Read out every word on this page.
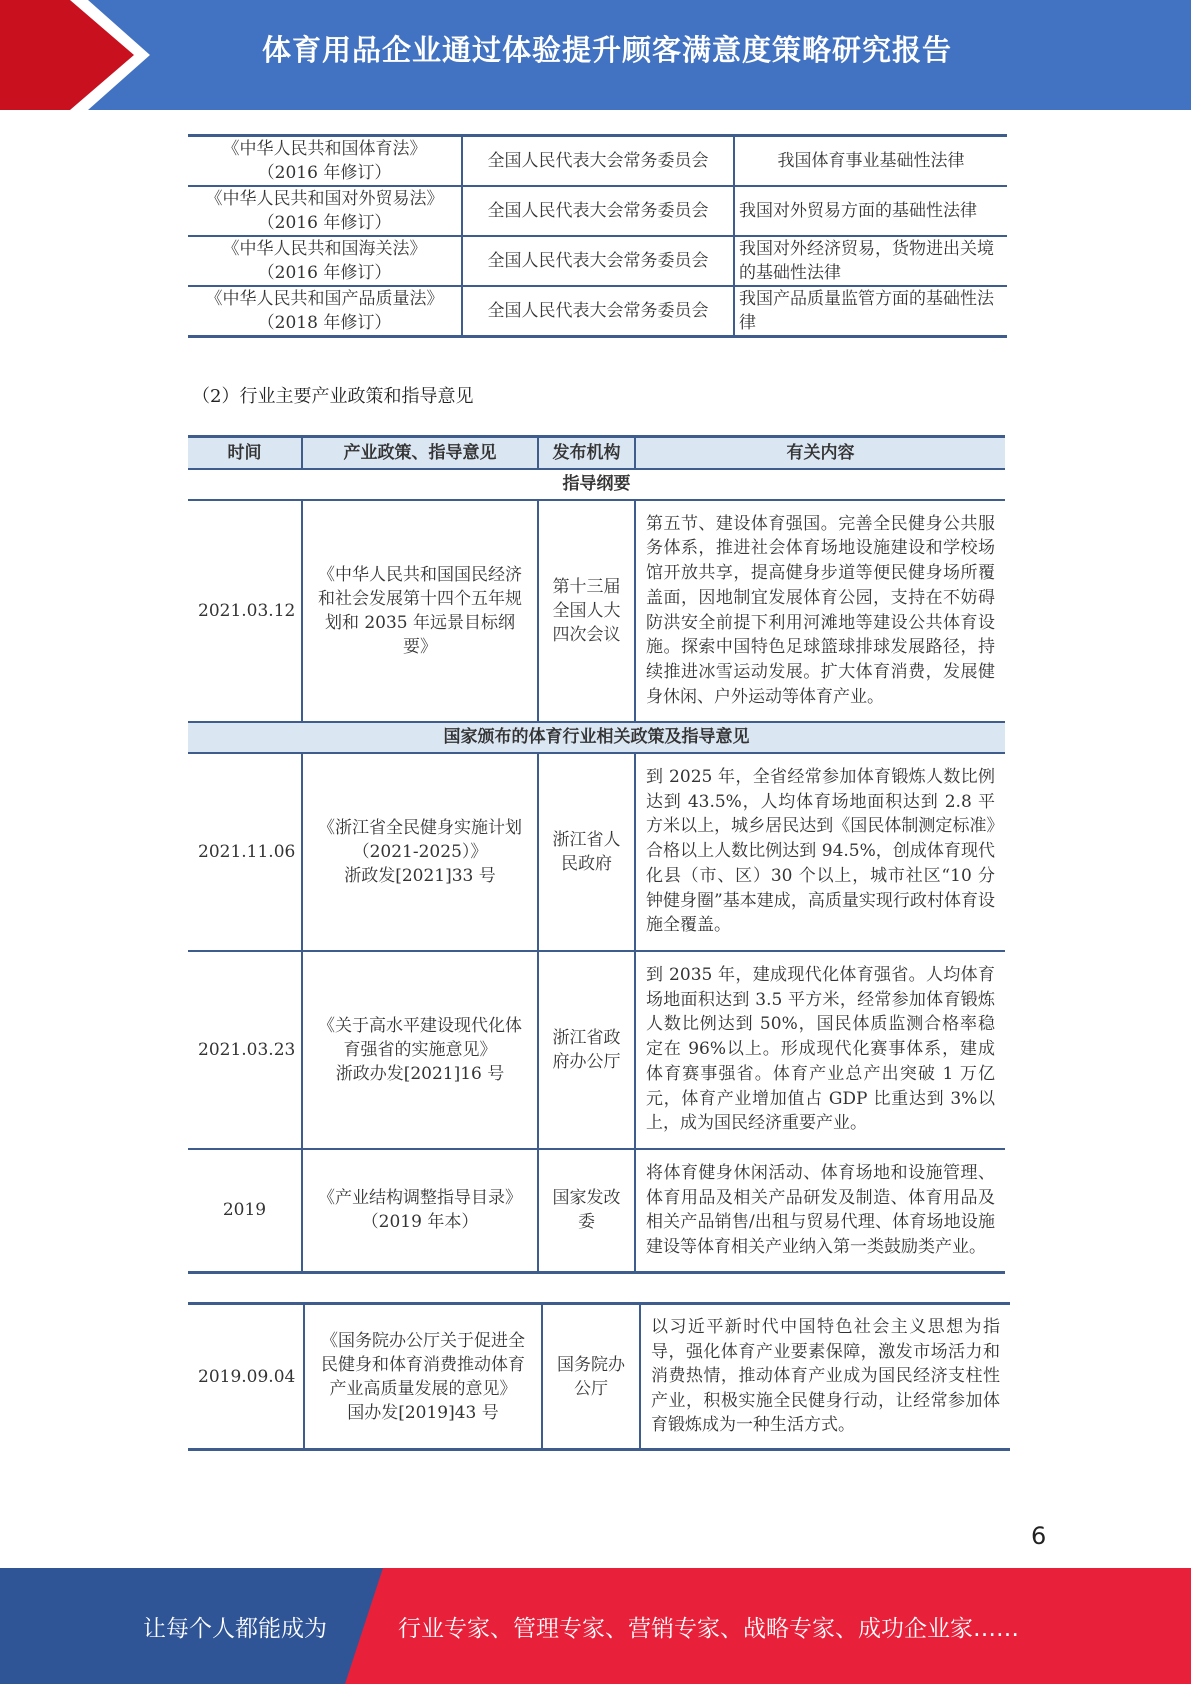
体育用品企业通过体验提升顾客满意度策略研究报告
《中华人民共和国体育法》
（2016 年修订）	全国人民代表大会常务委员会	我国体育事业基础性法律
《中华人民共和国对外贸易法》
（2016 年修订）	全国人民代表大会常务委员会	我国对外贸易方面的基础性法律
《中华人民共和国海关法》
（2016 年修订）	全国人民代表大会常务委员会	我国对外经济贸易，货物进出关境的基础性法律
《中华人民共和国产品质量法》
（2018 年修订）	全国人民代表大会常务委员会	我国产品质量监管方面的基础性法律
（2）行业主要产业政策和指导意见
时间	产业政策、指导意见	发布机构	有关内容
指导纲要			
2021.03.12	《中华人民共和国国民经济和社会发展第十四个五年规划和 2035 年远景目标纲要》	第十三届全国人大四次会议	第五节、建设体育强国。完善全民健身公共服务体系，推进社会体育场地设施建设和学校场馆开放共享，提高健身步道等便民健身场所覆盖面，因地制宜发展体育公园，支持在不妨碍防洪安全前提下利用河滩地等建设公共体育设施。探索中国特色足球篮球排球发展路径，持续推进冰雪运动发展。扩大体育消费，发展健身休闲、户外运动等体育产业。
国家颁布的体育行业相关政策及指导意见			
2021.11.06	《浙江省全民健身实施计划（2021-2025）》
浙政发[2021]33 号	浙江省人民政府	到 2025 年，全省经常参加体育锻炼人数比例达到 43.5%，人均体育场地面积达到 2.8 平方米以上，城乡居民达到《国民体制测定标准》合格以上人数比例达到 94.5%，创成体育现代化县（市、区）30 个以上，城市社区“10 分钟健身圈”基本建成，高质量实现行政村体育设施全覆盖。
2021.03.23	《关于高水平建设现代化体育强省的实施意见》
浙政办发[2021]16 号	浙江省政府办公厅	到 2035 年，建成现代化体育强省。人均体育场地面积达到 3.5 平方米，经常参加体育锻炼人数比例达到 50%，国民体质监测合格率稳定在 96%以上。形成现代化赛事体系，建成体育赛事强省。体育产业总产出突破 1 万亿元，体育产业增加值占 GDP 比重达到 3%以上，成为国民经济重要产业。
2019	《产业结构调整指导目录》
（2019 年本）	国家发改委	将体育健身休闲活动、体育场地和设施管理、体育用品及相关产品研发及制造、体育用品及相关产品销售/出租与贸易代理、体育场地设施建设等体育相关产业纳入第一类鼓励类产业。
2019.09.04	《国务院办公厅关于促进全民健身和体育消费推动体育产业高质量发展的意见》
国办发[2019]43 号	国务院办公厅	以习近平新时代中国特色社会主义思想为指导，强化体育产业要素保障，激发市场活力和消费热情，推动体育产业成为国民经济支柱性产业，积极实施全民健身行动，让经常参加体育锻炼成为一种生活方式。
6
让每个人都能成为	行业专家、管理专家、营销专家、战略专家、成功企业家……
